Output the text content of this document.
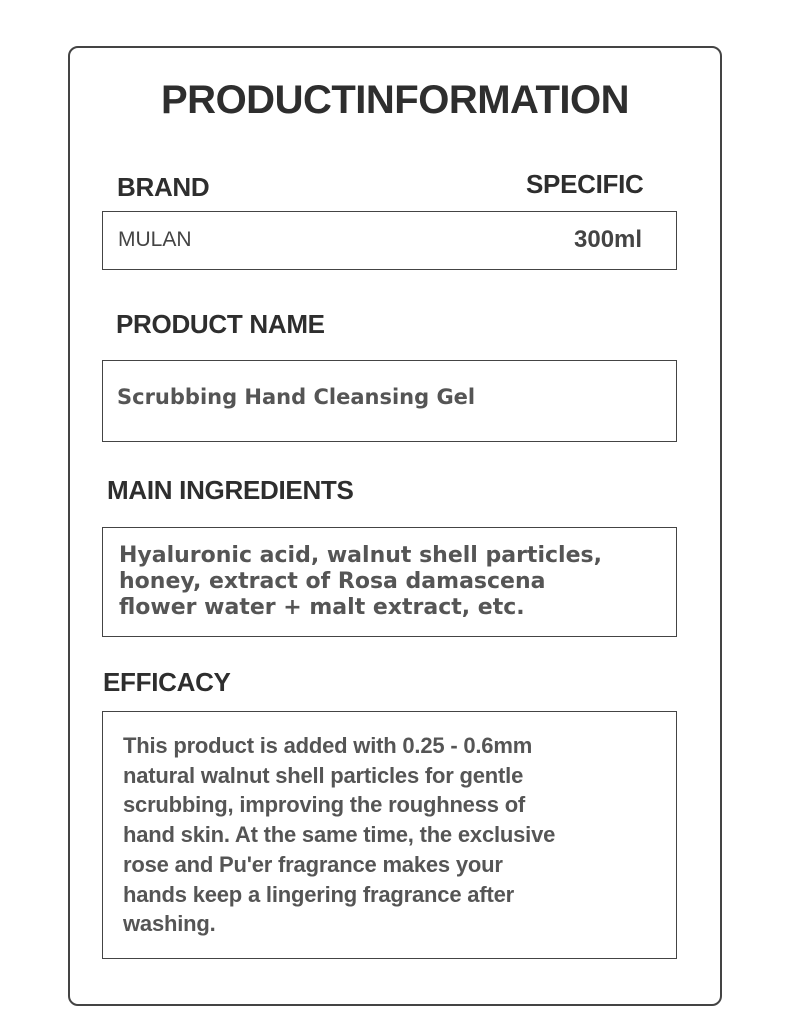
PRODUCTINFORMATION
BRAND	SPECIFIC
MULAN	300ml
PRODUCT NAME
Scrubbing Hand Cleansing Gel
MAIN INGREDIENTS
Hyaluronic acid, walnut shell particles,
honey, extract of Rosa damascena
flower water + malt extract, etc.
EFFICACY
This product is added with 0.25 - 0.6mm
natural walnut shell particles for gentle
scrubbing, improving the roughness of
hand skin. At the same time, the exclusive
rose and Pu'er fragrance makes your
hands keep a lingering fragrance after
washing.
